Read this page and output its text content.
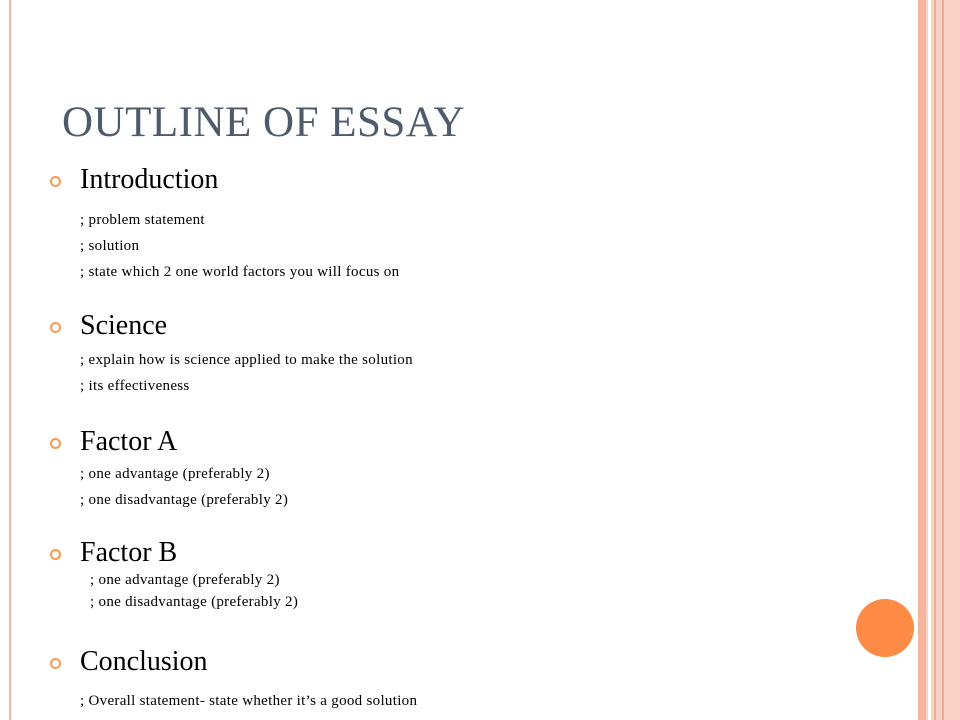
OUTLINE OF ESSAY
Introduction
; problem statement
; solution
; state which 2 one world factors you will focus on
Science
; explain how is science applied to make the solution
; its effectiveness
Factor A
; one advantage (preferably 2)
; one disadvantage (preferably 2)
Factor B
; one advantage (preferably 2)
; one disadvantage (preferably 2)
Conclusion
; Overall statement- state whether it’s a good solution
